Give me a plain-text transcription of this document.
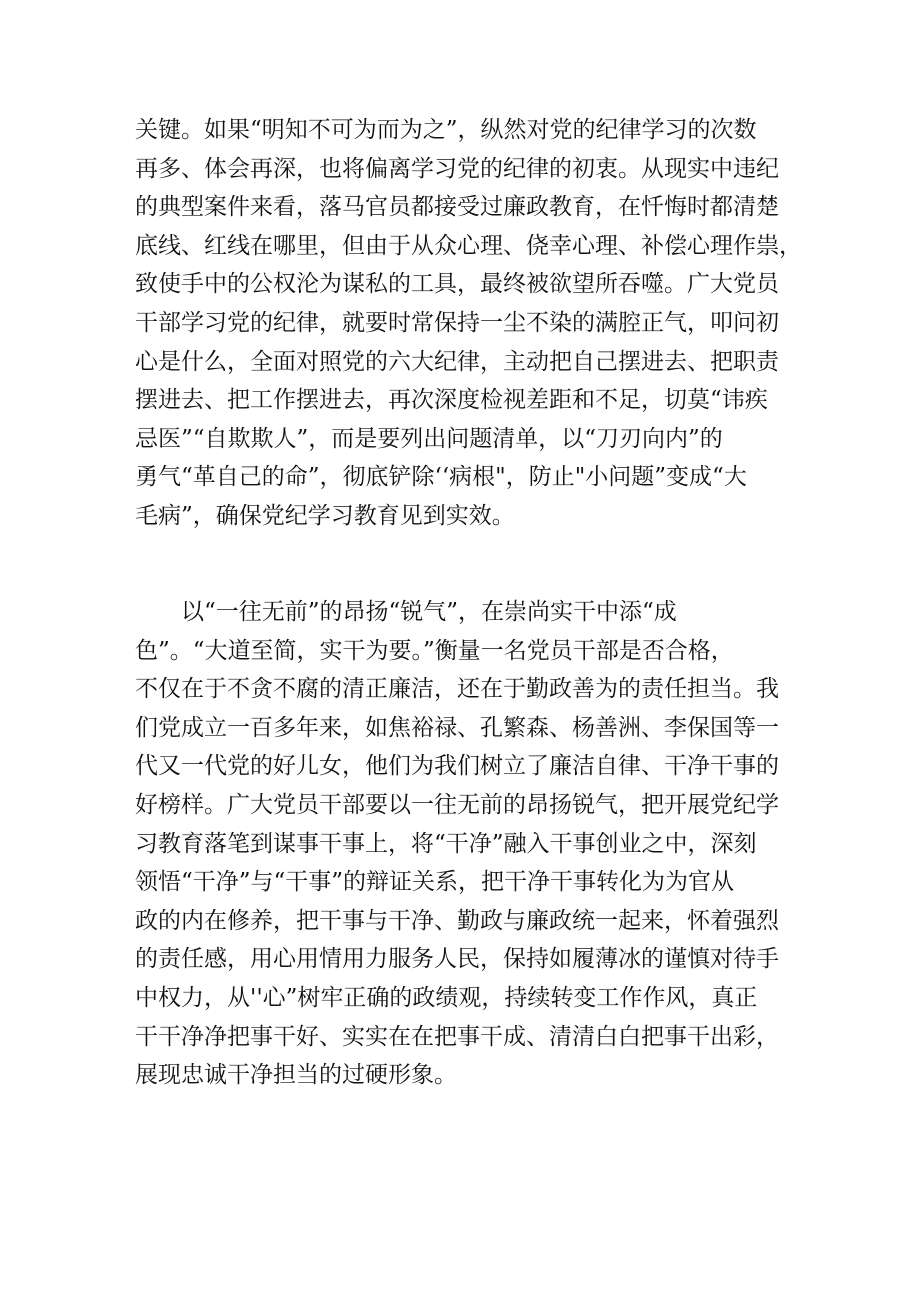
关键。如果“明知不可为而为之”，纵然对党的纪律学习的次数
再多、体会再深，也将偏离学习党的纪律的初衷。从现实中违纪
的典型案件来看，落马官员都接受过廉政教育，在忏悔时都清楚
底线、红线在哪里，但由于从众心理、侥幸心理、补偿心理作祟，
致使手中的公权沦为谋私的工具，最终被欲望所吞噬。广大党员
干部学习党的纪律，就要时常保持一尘不染的满腔正气，叩问初
心是什么，全面对照党的六大纪律，主动把自己摆进去、把职责
摆进去、把工作摆进去，再次深度检视差距和不足，切莫“讳疾
忌医”“自欺欺人”，而是要列出问题清单，以“刀刃向内”的
勇气“革自己的命”，彻底铲除‘‘病根"，防止"小问题”变成“大
毛病”，确保党纪学习教育见到实效。
以“一往无前”的昂扬“锐气”，在崇尚实干中添“成
色”。“大道至简，实干为要。”衡量一名党员干部是否合格，
不仅在于不贪不腐的清正廉洁，还在于勤政善为的责任担当。我
们党成立一百多年来，如焦裕禄、孔繁森、杨善洲、李保国等一
代又一代党的好儿女，他们为我们树立了廉洁自律、干净干事的
好榜样。广大党员干部要以一往无前的昂扬锐气，把开展党纪学
习教育落笔到谋事干事上，将“干净”融入干事创业之中，深刻
领悟“干净”与“干事”的辩证关系，把干净干事转化为为官从
政的内在修养，把干事与干净、勤政与廉政统一起来，怀着强烈
的责任感，用心用情用力服务人民，保持如履薄冰的谨慎对待手
中权力，从''心”树牢正确的政绩观，持续转变工作作风，真正
干干净净把事干好、实实在在把事干成、清清白白把事干出彩，
展现忠诚干净担当的过硬形象。
